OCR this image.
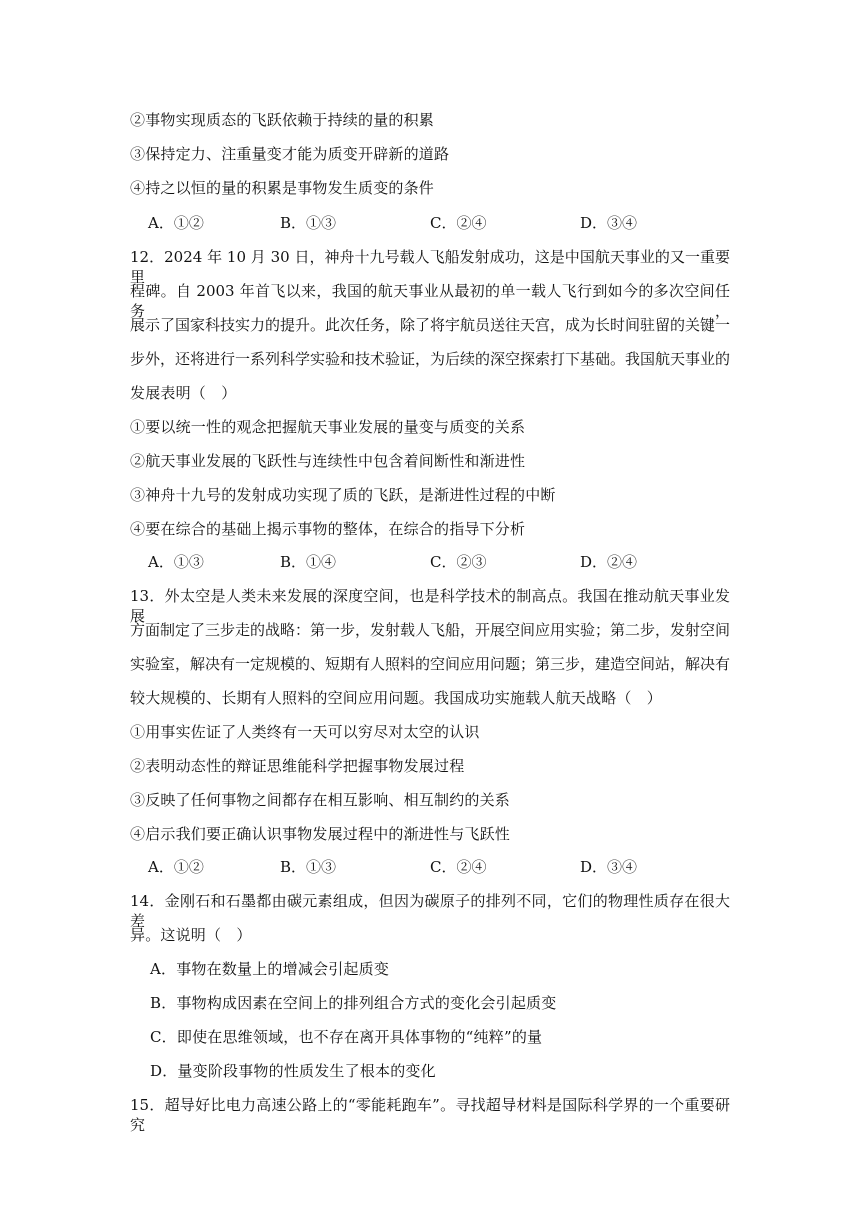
②事物实现质态的飞跃依赖于持续的量的积累
③保持定力、注重量变才能为质变开辟新的道路
④持之以恒的量的积累是事物发生质变的条件
A．①②	B．①③	C．②④	D．③④
12．2024 年 10 月 30 日，神舟十九号载人飞船发射成功，这是中国航天事业的又一重要里
程碑。自 2003 年首飞以来，我国的航天事业从最初的单一载人飞行到如今的多次空间任务，
展示了国家科技实力的提升。此次任务，除了将宇航员送往天宫，成为长时间驻留的关键一
步外，还将进行一系列科学实验和技术验证，为后续的深空探索打下基础。我国航天事业的
发展表明（　）
①要以统一性的观念把握航天事业发展的量变与质变的关系
②航天事业发展的飞跃性与连续性中包含着间断性和渐进性
③神舟十九号的发射成功实现了质的飞跃，是渐进性过程的中断
④要在综合的基础上揭示事物的整体，在综合的指导下分析
A．①③	B．①④	C．②③	D．②④
13．外太空是人类未来发展的深度空间，也是科学技术的制高点。我国在推动航天事业发展
方面制定了三步走的战略：第一步，发射载人飞船，开展空间应用实验；第二步，发射空间
实验室，解决有一定规模的、短期有人照料的空间应用问题；第三步，建造空间站，解决有
较大规模的、长期有人照料的空间应用问题。我国成功实施载人航天战略（　）
①用事实佐证了人类终有一天可以穷尽对太空的认识
②表明动态性的辩证思维能科学把握事物发展过程
③反映了任何事物之间都存在相互影响、相互制约的关系
④启示我们要正确认识事物发展过程中的渐进性与飞跃性
A．①②	B．①③	C．②④	D．③④
14．金刚石和石墨都由碳元素组成，但因为碳原子的排列不同，它们的物理性质存在很大差
异。这说明（　）
A．事物在数量上的增减会引起质变
B．事物构成因素在空间上的排列组合方式的变化会引起质变
C．即使在思维领域，也不存在离开具体事物的“纯粹”的量
D．量变阶段事物的性质发生了根本的变化
15．超导好比电力高速公路上的“零能耗跑车”。寻找超导材料是国际科学界的一个重要研究
